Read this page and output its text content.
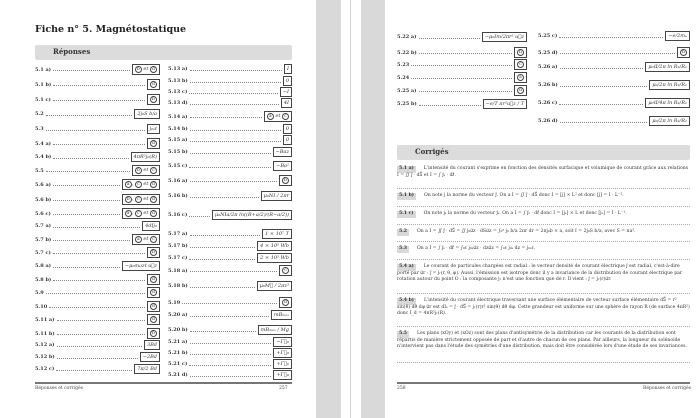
Fiche n° 5. Magnétostatique
Réponses
5.1 a)	b et d
5.1 b)	d
5.1 c)	b
5.2	2j₀S b/a
5.3	j₀ₛℓ
5.4 a)	d
5.4 b)	4πR²j₀(R)
5.5	b et c
5.6 a)	a , c et d
5.6 b)	b , c et d
5.6 c)	a , c et d
5.7 a)	4dIj₀
5.7 b)	a et c
5.7 c)	b
5.8 a)	−μ₀σωzℓ u⃗z
5.8 b)	d
5.9	d
5.10	d
5.11 a)	d
5.11 b)	b
5.12 a)	3Bd
5.12 b)	−2Bd
5.12 c)	7π/2 Bd
5.13 a)	I
5.13 b)	0
5.13 c)	−I
5.13 d)	4I
5.14 a)	a et c
5.14 b)	0
5.15 a)	0
5.15 b)	−Baz
5.15 c)	−Ba²
5.16 a)	b
5.16 b)	μ₀NI / 2πr
5.16 c)	μ₀NIa/2π ln((R+a/2)/(R−a/2))
5.17 a)	1 × 10⁷ T
5.17 b)	4 × 10⁵ Wb
5.17 c)	2 × 10⁵ Wb
5.18 a)	c
5.18 b)	μ₀M⃗ / 2πz³
5.19	d
5.20 a)	mBₘₐₓ
5.20 b)	mBₘₐₓ / Mg
5.21 a)	−Γ⃗₀
5.21 b)	+Γ⃗₀
5.21 c)	+Γ⃗₀
5.21 d)	+Γ⃗₀
Réponses et corrigés	257
5.22 a)	−μ₀Im/2πr² u⃗z
5.22 b)	b
5.23	c
5.24	a
5.25 a)	d
5.25 b)	−e/T πr²u⃗z / T
5.25 c)	−e/2mₑ
5.25 d)	b
5.26 a)	μ₀ℓI/2π ln R₂/R₁
5.26 b)	μ₀/2π ln R₂/R₁
5.26 c)	μ₀ℓI/4π ln R₂/R₁
5.26 d)	μ₀/2π ln R₂/R₁
Corrigés
5.1 a) L'intensité du courant s'exprime en fonction des densités surfacique et volumique de courant grâce aux relations I = ∬ j⃗ · dS⃗ et I = ∫ j⃗ₛ · dℓ⃗.
5.1 b) On note j la norme du vecteur j⃗. On a I = ∬ j⃗ · dS⃗ donc I = [j] × L² et donc [j] = I · L⁻².
5.1 c) On note jₛ la norme du vecteur j⃗ₛ. On a I = ∫ j⃗ₛ · dℓ⃗ donc I = [jₛ] × L et donc [jₛ] = I · L⁻¹.
5.2 On a I = ∬ j⃗ · dS⃗ = ∬ j₀u⃗z · dSu⃗z = ∫₀ᵃ j₀ b/a 2πr dr = 2πj₀b × a, soit I = 2j₀S b/a, avec S = πa².
5.3 On a I = ∫ j⃗ₛ · dℓ⃗ = ∫₀ℓ j₀ₛu⃗z · dzu⃗z = ∫₀ℓ j₀ₛ dz = j₀ₛℓ.
5.4 a) Le courant de particules chargées est radial : le vecteur densité de courant électrique j⃗ est radial, c'est-à-dire porté par u⃗r : j⃗ = jᵣ(r, θ, φ). Aussi, l'émission est isotrope donc il y a invariance de la distribution de courant électrique par rotation autour du point O : la composante jᵣ n'est une fonction que de r. Il vient : j⃗ = jᵣ(r)u⃗r.
5.4 b) L'intensité du courant électrique traversant une surface élémentaire de vecteur surface élémentaire dS⃗ = r² sin(θ) dθ dφ u⃗r est dIₛ = j⃗ · dS⃗ = jᵣ(r)r² sin(θ) dθ dφ. Cette grandeur est uniforme sur une sphère de rayon R (de surface 4πR²) donc I_d = 4πR²jᵣ(R).
5.5 Les plans (xOy) et (xOz) sont des plans d'antisymétrie de la distribution car les courants de la distribution sont répartis de manière strictement opposée de part et d'autre de chacun de ces plans. Par ailleurs, la longueur du solénoïde n'intervient pas dans l'étude des symétries d'une distribution, mais doit être considérée lors d'une étude de ses invariances.
258	Réponses et corrigés
